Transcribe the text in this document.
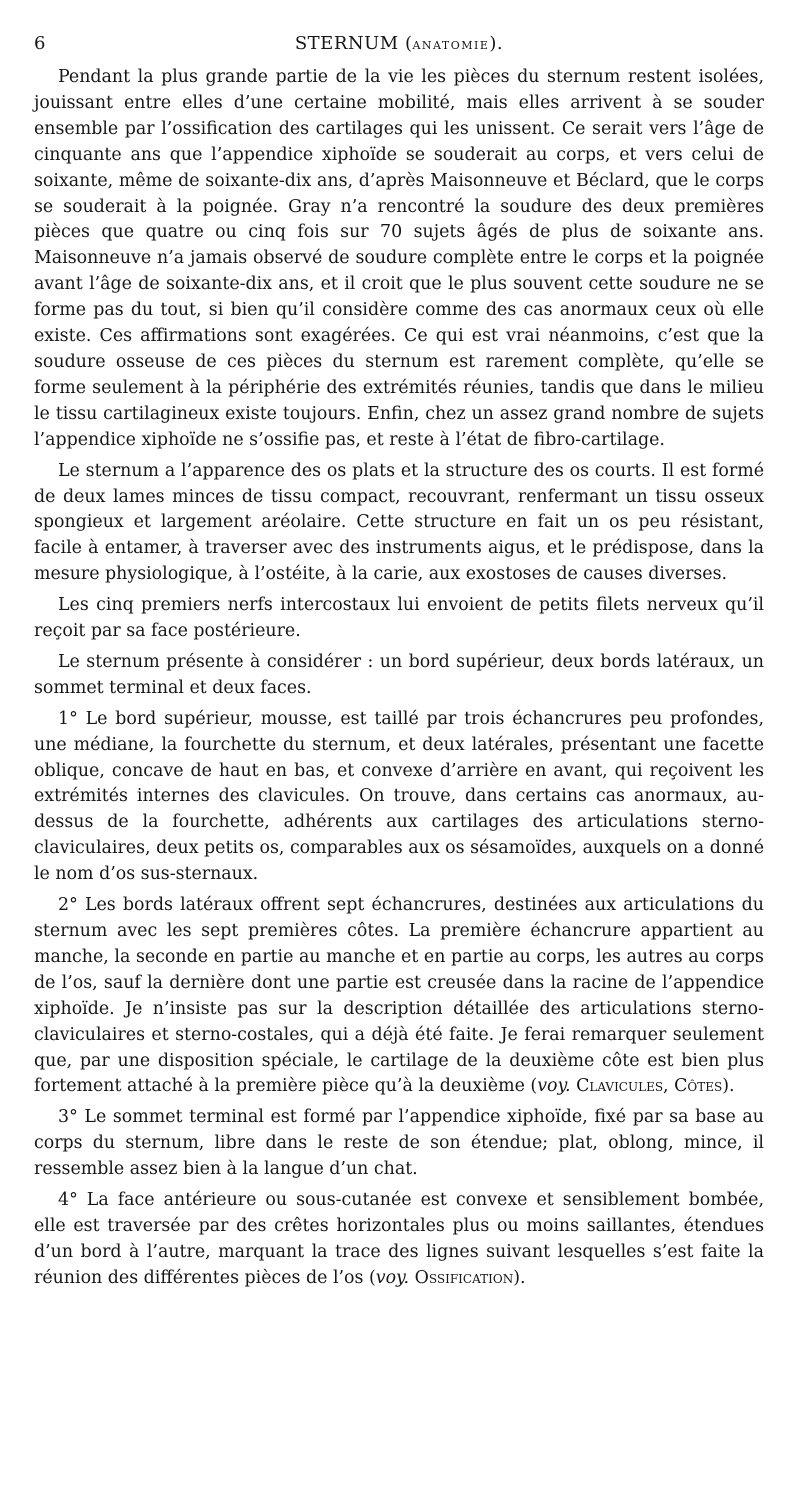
6	STERNUM (anatomie).

Pendant la plus grande partie de la vie les pièces du sternum restent isolées, jouissant entre elles d’une certaine mobilité, mais elles arrivent à se souder ensemble par l’ossification des cartilages qui les unissent. Ce serait vers l’âge de cinquante ans que l’appendice xiphoïde se souderait au corps, et vers celui de soixante, même de soixante-dix ans, d’après Maisonneuve et Béclard, que le corps se souderait à la poignée. Gray n’a rencontré la soudure des deux premières pièces que quatre ou cinq fois sur 70 sujets âgés de plus de soixante ans. Maisonneuve n’a jamais observé de soudure complète entre le corps et la poignée avant l’âge de soixante-dix ans, et il croit que le plus souvent cette soudure ne se forme pas du tout, si bien qu’il considère comme des cas anormaux ceux où elle existe. Ces affirmations sont exagérées. Ce qui est vrai néanmoins, c’est que la soudure osseuse de ces pièces du sternum est rarement complète, qu’elle se forme seulement à la périphérie des extrémités réunies, tandis que dans le milieu le tissu cartilagineux existe toujours. Enfin, chez un assez grand nombre de sujets l’appendice xiphoïde ne s’ossifie pas, et reste à l’état de fibro-cartilage.

Le sternum a l’apparence des os plats et la structure des os courts. Il est formé de deux lames minces de tissu compact, recouvrant, renfermant un tissu osseux spongieux et largement aréolaire. Cette structure en fait un os peu résistant, facile à entamer, à traverser avec des instruments aigus, et le prédispose, dans la mesure physiologique, à l’ostéite, à la carie, aux exostoses de causes diverses.

Les cinq premiers nerfs intercostaux lui envoient de petits filets nerveux qu’il reçoit par sa face postérieure.

Le sternum présente à considérer : un bord supérieur, deux bords latéraux, un sommet terminal et deux faces.

1° Le bord supérieur, mousse, est taillé par trois échancrures peu profondes, une médiane, la fourchette du sternum, et deux latérales, présentant une facette oblique, concave de haut en bas, et convexe d’arrière en avant, qui reçoivent les extrémités internes des clavicules. On trouve, dans certains cas anormaux, au-dessus de la fourchette, adhérents aux cartilages des articulations sterno-claviculaires, deux petits os, comparables aux os sésamoïdes, auxquels on a donné le nom d’os sus-sternaux.

2° Les bords latéraux offrent sept échancrures, destinées aux articulations du sternum avec les sept premières côtes. La première échancrure appartient au manche, la seconde en partie au manche et en partie au corps, les autres au corps de l’os, sauf la dernière dont une partie est creusée dans la racine de l’appendice xiphoïde. Je n’insiste pas sur la description détaillée des articulations sterno-claviculaires et sterno-costales, qui a déjà été faite. Je ferai remarquer seulement que, par une disposition spéciale, le cartilage de la deuxième côte est bien plus fortement attaché à la première pièce qu’à la deuxième (voy. Clavicules, Côtes).

3° Le sommet terminal est formé par l’appendice xiphoïde, fixé par sa base au corps du sternum, libre dans le reste de son étendue; plat, oblong, mince, il ressemble assez bien à la langue d’un chat.

4° La face antérieure ou sous-cutanée est convexe et sensiblement bombée, elle est traversée par des crêtes horizontales plus ou moins saillantes, étendues d’un bord à l’autre, marquant la trace des lignes suivant lesquelles s’est faite la réunion des différentes pièces de l’os (voy. Ossification).
